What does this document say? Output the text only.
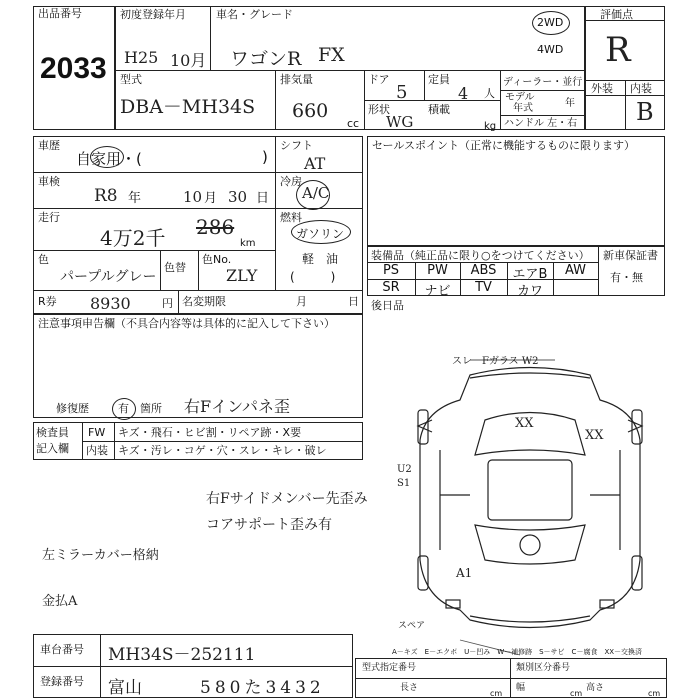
出品番号
2033
初度登録年月
H25 10月
車名・グレード
ワゴンR FX
2WD
4WD
ディーラー・並行
モデル
年式	年
ハンドル 左・右
評価点
R
外装 内装
B
型式
DBA－MH34S
排気量
660
cc
ドア
5
定員
4 人
形状
WG
積載
kg
車歴
自家用・(	)
シフト
AT
車検
R8 年	10 月 30 日
冷房
A/C
走行
4万2千 286
km
燃料
ガソリン
軽　油
(　　　)
色
パープルグレー
色替
色No.
ZLY
R券 8930	円 名変期限	月	日
セールスポイント（正常に機能するものに限ります）
装備品（純正品に限り○をつけてください） 新車保証書
有・無
PS	PW	ABS	エアB	AW
SR	ナビ	TV	カワ
後日品
注意事項申告欄（不具合内容等は具体的に記入して下さい）
修復歴	有 箇所 右Fインパネ歪
検査員
記入欄
FW キズ・飛石・ヒビ割・リペア跡・X要
内装 キズ・汚レ・コゲ・穴・スレ・キレ・破レ
右Fサイドメンバー先歪み
コアサポート歪み有
左ミラーカバー格納
金払A
スレ　Fガラス W2
XX
XX
U2
S1
A1
スペア
A－キズ　E－エクボ　U－凹み　W－補修跡　S－サビ　C－腐食　XX－交換済
車台番号 MH34S－252111
登録番号 富山	580た3432
型式指定番号	類別区分番号
長さ
cm
幅
cm
高さ
cm
